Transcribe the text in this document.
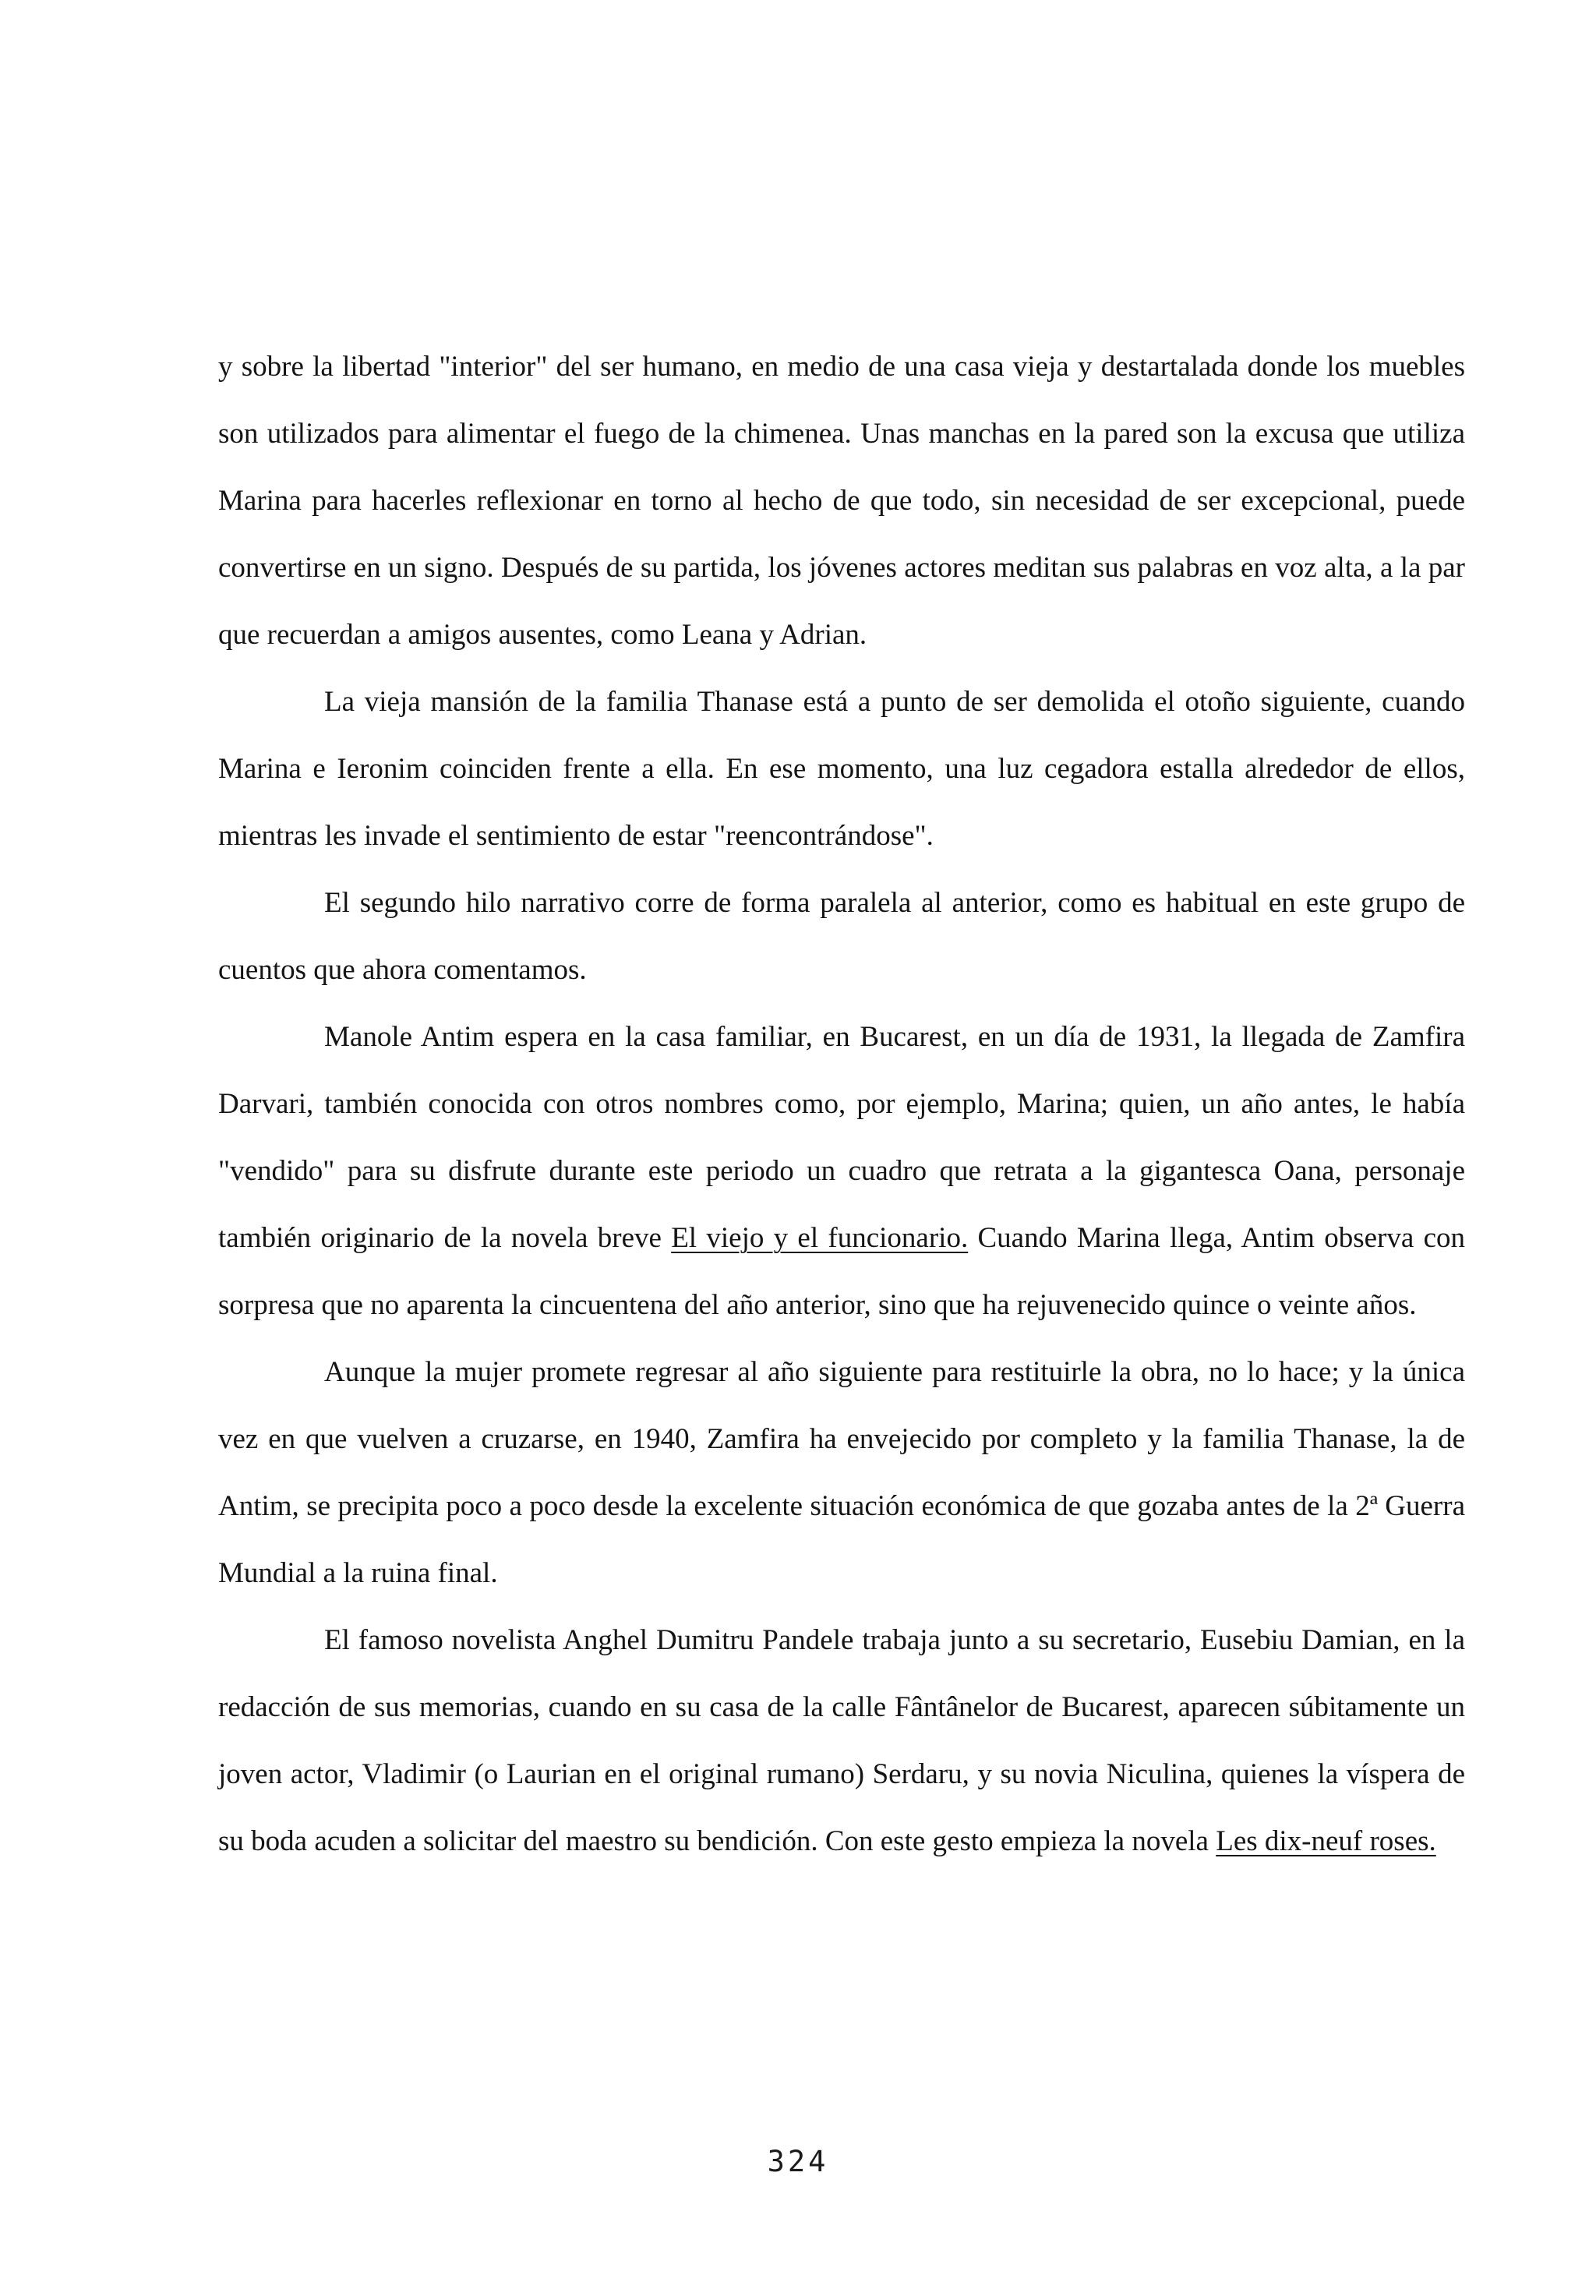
y sobre la libertad "interior" del ser humano, en medio de una casa vieja y destartalada donde los muebles son utilizados para alimentar el fuego de la chimenea. Unas manchas en la pared son la excusa que utiliza Marina para hacerles reflexionar en torno al hecho de que todo, sin necesidad de ser excepcional, puede convertirse en un signo. Después de su partida, los jóvenes actores meditan sus palabras en voz alta, a la par que recuerdan a amigos ausentes, como Leana y Adrian.

La vieja mansión de la familia Thanase está a punto de ser demolida el otoño siguiente, cuando Marina e Ieronim coinciden frente a ella. En ese momento, una luz cegadora estalla alrededor de ellos, mientras les invade el sentimiento de estar "reencontrándose".

El segundo hilo narrativo corre de forma paralela al anterior, como es habitual en este grupo de cuentos que ahora comentamos.

Manole Antim espera en la casa familiar, en Bucarest, en un día de 1931, la llegada de Zamfira Darvari, también conocida con otros nombres como, por ejemplo, Marina; quien, un año antes, le había "vendido" para su disfrute durante este periodo un cuadro que retrata a la gigantesca Oana, personaje también originario de la novela breve El viejo y el funcionario. Cuando Marina llega, Antim observa con sorpresa que no aparenta la cincuentena del año anterior, sino que ha rejuvenecido quince o veinte años.

Aunque la mujer promete regresar al año siguiente para restituirle la obra, no lo hace; y la única vez en que vuelven a cruzarse, en 1940, Zamfira ha envejecido por completo y la familia Thanase, la de Antim, se precipita poco a poco desde la excelente situación económica de que gozaba antes de la 2ª Guerra Mundial a la ruina final.

El famoso novelista Anghel Dumitru Pandele trabaja junto a su secretario, Eusebiu Damian, en la redacción de sus memorias, cuando en su casa de la calle Fântânelor de Bucarest, aparecen súbitamente un joven actor, Vladimir (o Laurian en el original rumano) Serdaru, y su novia Niculina, quienes la víspera de su boda acuden a solicitar del maestro su bendición. Con este gesto empieza la novela Les dix-neuf roses.

324
